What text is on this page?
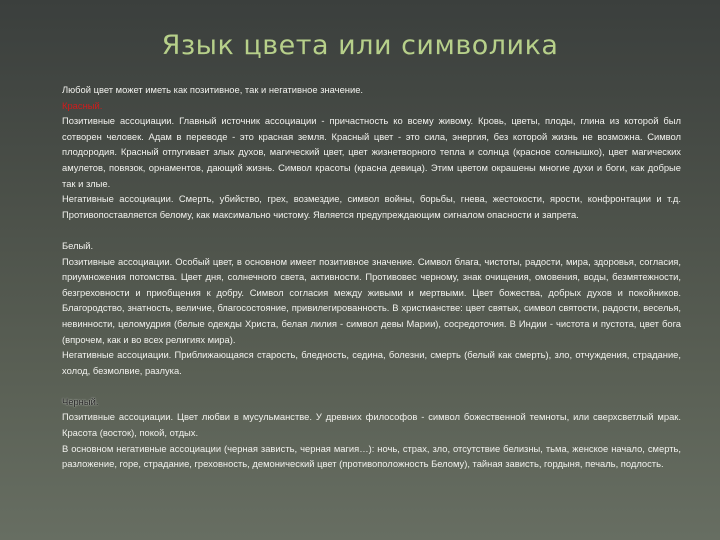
Язык цвета или символика

Любой цвет может иметь как позитивное, так и негативное значение.

Красный.

Позитивные ассоциации. Главный источник ассоциации - причастность ко всему живому. Кровь, цветы, плоды, глина из которой был сотворен человек. Адам в переводе - это красная земля. Красный цвет - это сила, энергия, без которой жизнь не возможна. Символ плодородия. Красный отпугивает злых духов, магический цвет, цвет жизнетворного тепла и солнца (красное солнышко), цвет магических амулетов, повязок, орнаментов, дающий жизнь. Символ красоты (красна девица). Этим цветом окрашены многие духи и боги, как добрые так и злые.

Негативные ассоциации. Смерть, убийство, грех, возмездие, символ войны, борьбы, гнева, жестокости, ярости, конфронтации и т.д. Противопоставляется белому, как максимально чистому. Является предупреждающим сигналом опасности и запрета.

Белый.

Позитивные ассоциации. Особый цвет, в основном имеет позитивное значение. Символ блага, чистоты, радости, мира, здоровья, согласия, приумножения потомства. Цвет дня, солнечного света, активности. Противовес черному, знак очищения, омовения, воды, безмятежности, безгреховности и приобщения к добру. Символ согласия между живыми и мертвыми. Цвет божества, добрых духов и покойников. Благородство, знатность, величие, благосостояние, привилегированность. В христианстве: цвет святых, символ святости, радости, веселья, невинности, целомудрия (белые одежды Христа, белая лилия - символ девы Марии), сосредоточия. В Индии - чистота и пустота, цвет бога (впрочем, как и во всех религиях мира).

Негативные ассоциации. Приближающаяся старость, бледность, седина, болезни, смерть (белый как смерть), зло, отчуждения, страдание, холод, безмолвие, разлука.

Черный.

Позитивные ассоциации. Цвет любви в мусульманстве. У древних философов - символ божественной темноты, или сверхсветлый мрак. Красота (восток), покой, отдых.

В основном негативные ассоциации (черная зависть, черная магия…): ночь, страх, зло, отсутствие белизны, тьма, женское начало, смерть, разложение, горе, страдание, греховность, демонический цвет (противоположность Белому), тайная зависть, гордыня, печаль, подлость.
